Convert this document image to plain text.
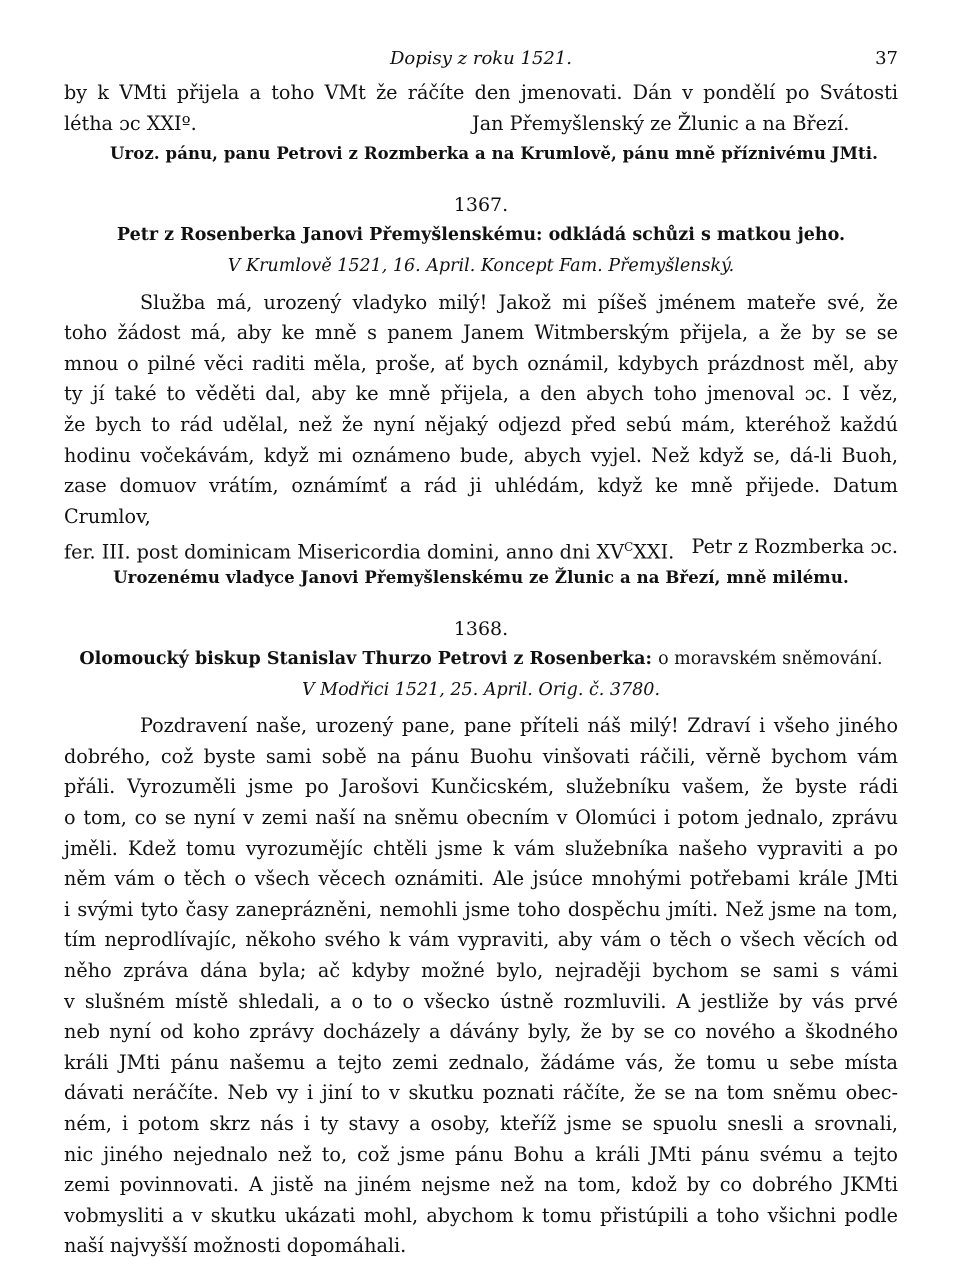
Dopisy z roku 1521.	37

by k VMti přijela a toho VMt že ráčíte den jmenovati. Dán v pondělí po Svátosti

létha ɔc XXIº.	Jan Přemyšlenský ze Žlunic a na Březí.

Uroz. pánu, panu Petrovi z Rozmberka a na Krumlově, pánu mně příznivému JMti.

1367.

Petr z Rosenberka Janovi Přemyšlenskému: odkládá schůzi s matkou jeho.

V Krumlově 1521, 16. April. Koncept Fam. Přemyšlenský.

Služba má, urozený vladyko milý! Jakož mi píšeš jménem mateře své, že

toho žádost má, aby ke mně s panem Janem Witmberským přijela, a že by se se

mnou o pilné věci raditi měla, proše, ať bych oznámil, kdybych prázdnost měl, aby

ty jí také to věděti dal, aby ke mně přijela, a den abych toho jmenoval ɔc. I věz,

že bych to rád udělal, než že nyní nějaký odjezd před sebú mám, kteréhož každú

hodinu vočekávám, když mi oznámeno bude, abych vyjel. Než když se, dá-li Buoh,

zase domuov vrátím, oznámímť a rád ji uhlédám, když ke mně přijede. Datum Crumlov,

fer. III. post dominicam Misericordia domini, anno dni $XV^CXXI$. Petr z Rozmberka ɔc.

Urozenému vladyce Janovi Přemyšlenskému ze Žlunic a na Březí, mně milému.

1368.

Olomoucký biskup Stanislav Thurzo Petrovi z Rosenberka: o moravském sněmování.

V Modřici 1521, 25. April. Orig. č. 3780.

Pozdravení naše, urozený pane, pane příteli náš milý! Zdraví i všeho jiného

dobrého, což byste sami sobě na pánu Buohu vinšovati ráčili, věrně bychom vám

přáli. Vyrozuměli jsme po Jarošovi Kunčicském, služebníku vašem, že byste rádi

o tom, co se nyní v zemi naší na sněmu obecním v Olomúci i potom jednalo, zprávu

jměli. Kdež tomu vyrozumějíc chtěli jsme k vám služebníka našeho vypraviti a po

něm vám o těch o všech věcech oznámiti. Ale jsúce mnohými potřebami krále JMti

i svými tyto časy zaneprázněni, nemohli jsme toho dospěchu jmíti. Než jsme na tom,

tím neprodlívajíc, někoho svého k vám vypraviti, aby vám o těch o všech věcích od

něho zpráva dána byla; ač kdyby možné bylo, nejraději bychom se sami s vámi

v slušném místě shledali, a o to o všecko ústně rozmluvili. A jestliže by vás prvé

neb nyní od koho zprávy docházely a dávány byly, že by se co nového a škodného

králi JMti pánu našemu a tejto zemi zednalo, žádáme vás, že tomu u sebe místa

dávati neráčíte. Neb vy i jiní to v skutku poznati ráčíte, že se na tom sněmu obec-

ném, i potom skrz nás i ty stavy a osoby, kteříž jsme se spuolu snesli a srovnali,

nic jiného nejednalo než to, což jsme pánu Bohu a králi JMti pánu svému a tejto

zemi povinnovati. A jistě na jiném nejsme než na tom, kdož by co dobrého JKMti

vobmysliti a v skutku ukázati mohl, abychom k tomu přistúpili a toho všichni podle

naší najvyšší možnosti dopomáhali.
